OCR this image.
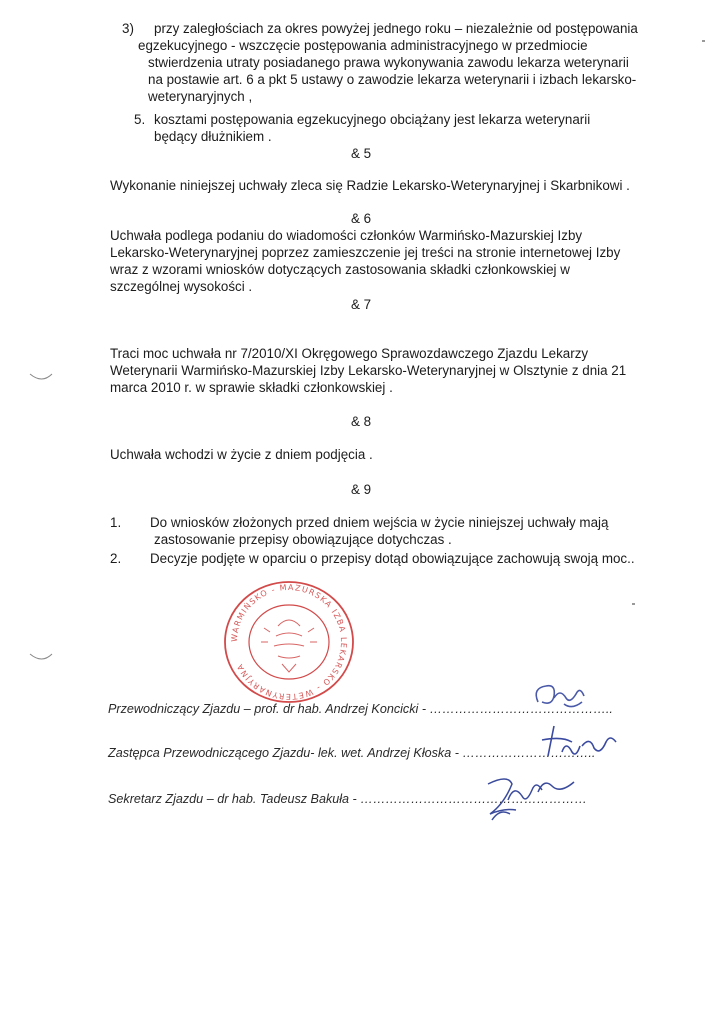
3) przy zaległościach za okres powyżej jednego roku – niezależnie od postępowania
egzekucyjnego - wszczęcie postępowania administracyjnego w przedmiocie
stwierdzenia utraty posiadanego prawa wykonywania zawodu lekarza weterynarii
na postawie art. 6 a pkt 5 ustawy o zawodzie lekarza weterynarii i izbach lekarsko-
weterynaryjnych ,
5. kosztami postępowania egzekucyjnego obciążany jest lekarza weterynarii
będący dłużnikiem .
& 5
Wykonanie niniejszej uchwały zleca się Radzie Lekarsko-Weterynaryjnej i Skarbnikowi .
& 6
Uchwała podlega podaniu do wiadomości członków Warmińsko-Mazurskiej Izby
Lekarsko-Weterynaryjnej poprzez zamieszczenie jej treści na stronie internetowej Izby
wraz z wzorami wniosków dotyczących zastosowania składki członkowskiej w
szczególnej wysokości .
& 7
Traci moc uchwała nr 7/2010/XI Okręgowego Sprawozdawczego Zjazdu Lekarzy
Weterynarii Warmińsko-Mazurskiej Izby Lekarsko-Weterynaryjnej w Olsztynie z dnia 21
marca 2010 r. w sprawie składki członkowskiej .
& 8
Uchwała wchodzi w życie z dniem podjęcia .
& 9
1. Do wniosków złożonych przed dniem wejścia w życie niniejszej uchwały mają
zastosowanie przepisy obowiązujące dotychczas .
2. Decyzje podjęte w oparciu o przepisy dotąd obowiązujące zachowują swoją moc..
WARMIŃSKO - MAZURSKA IZBA LEKARSKO - WETERYNARYJNA
Przewodniczący Zjazdu – prof. dr hab. Andrzej Koncicki - ……………………………………..
Zastępca Przewodniczącego Zjazdu- lek. wet. Andrzej Kłoska - …………………………..
Sekretarz Zjazdu – dr hab. Tadeusz Bakuła - ………………………………………………
